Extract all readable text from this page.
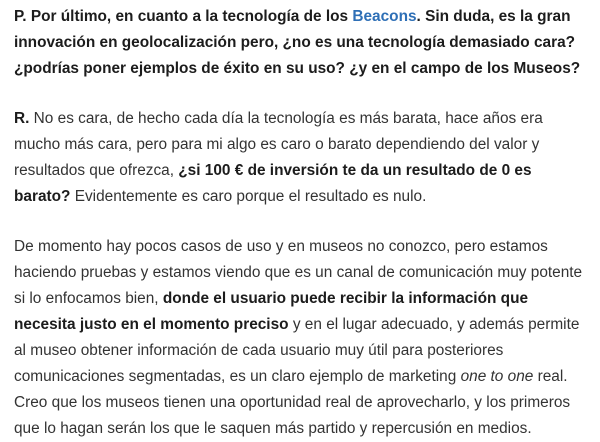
P. Por último, en cuanto a la tecnología de los Beacons. Sin duda, es la gran innovación en geolocalización pero, ¿no es una tecnología demasiado cara? ¿podrías poner ejemplos de éxito en su uso? ¿y en el campo de los Museos?

R. No es cara, de hecho cada día la tecnología es más barata, hace años era mucho más cara, pero para mi algo es caro o barato dependiendo del valor y resultados que ofrezca, ¿si 100 € de inversión te da un resultado de 0 es barato? Evidentemente es caro porque el resultado es nulo.

De momento hay pocos casos de uso y en museos no conozco, pero estamos haciendo pruebas y estamos viendo que es un canal de comunicación muy potente si lo enfocamos bien, donde el usuario puede recibir la información que necesita justo en el momento preciso y en el lugar adecuado, y además permite al museo obtener información de cada usuario muy útil para posteriores comunicaciones segmentadas, es un claro ejemplo de marketing one to one real. Creo que los museos tienen una oportunidad real de aprovecharlo, y los primeros que lo hagan serán los que le saquen más partido y repercusión en medios.
